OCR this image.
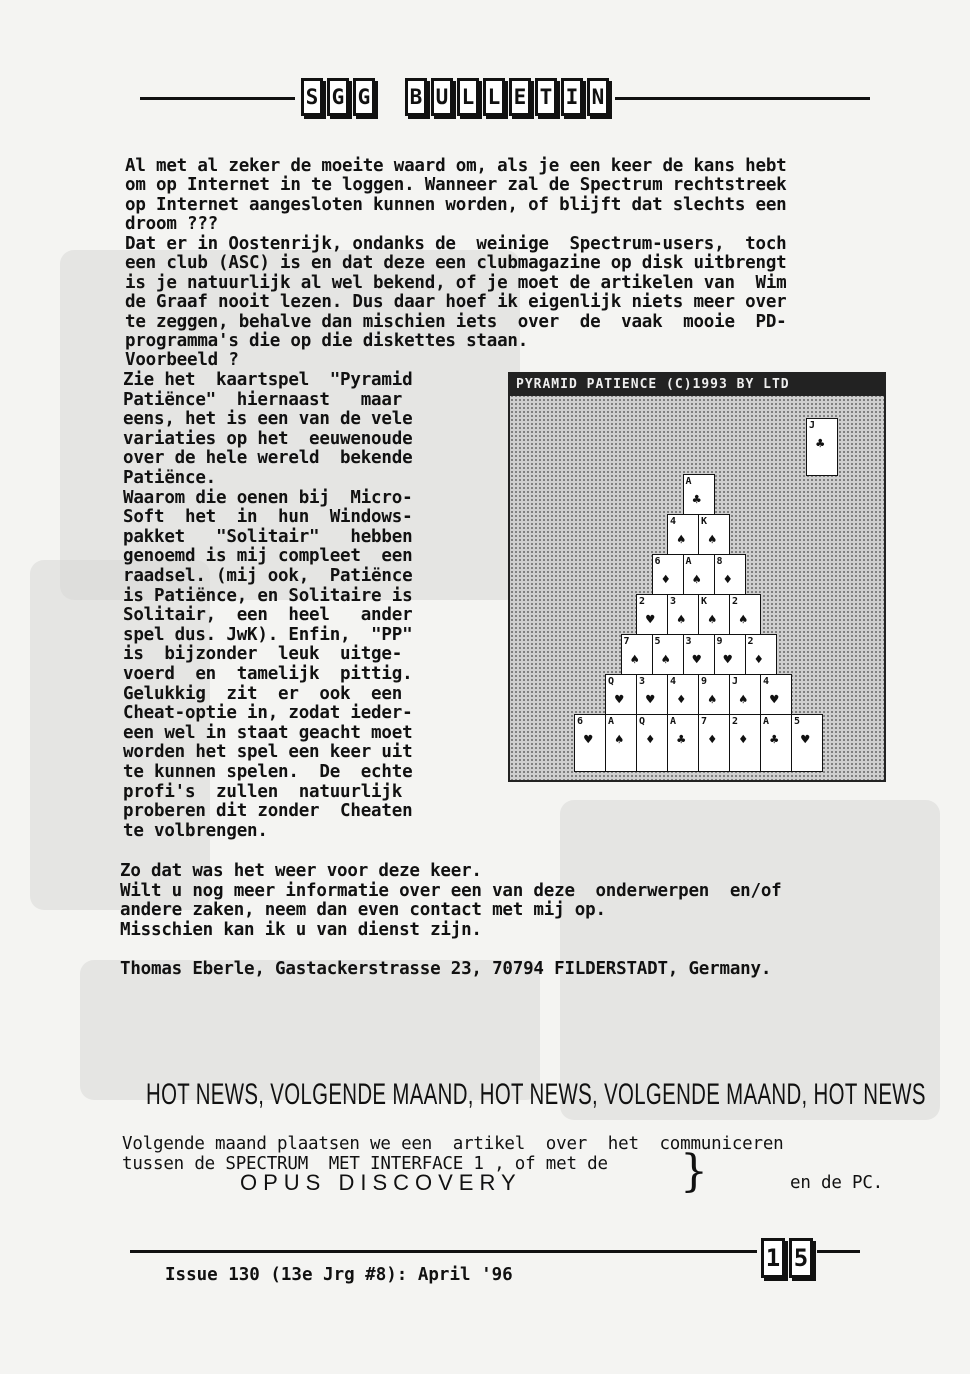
S G G B U L L E T I N
Al met al zeker de moeite waard om, als je een keer de kans hebt
om op Internet in te loggen. Wanneer zal de Spectrum rechtstreek
op Internet aangesloten kunnen worden, of blijft dat slechts een
droom ???
Dat er in Oostenrijk, ondanks de  weinige  Spectrum-users,  toch
een club (ASC) is en dat deze een clubmagazine op disk uitbrengt
is je natuurlijk al wel bekend, of je moet de artikelen van  Wim
de Graaf nooit lezen. Dus daar hoef ik eigenlijk niets meer over
te zeggen, behalve dan mischien iets  over  de  vaak  mooie  PD-
programma's die op die diskettes staan.
Voorbeeld ?
Zie het  kaartspel  "Pyramid
Patiënce"  hiernaast   maar
eens, het is een van de vele
variaties op het  eeuwenoude
over de hele wereld  bekende
Patiënce.
Waarom die oenen bij  Micro-
Soft  het  in  hun  Windows-
pakket   "Solitair"   hebben
genoemd is mij compleet  een
raadsel. (mij ook,  Patiënce
is Patiënce, en Solitaire is
Solitair,  een  heel   ander
spel dus. JwK). Enfin,  "PP"
is  bijzonder  leuk  uitge-
voerd  en  tamelijk  pittig.
Gelukkig  zit  er  ook  een
Cheat-optie in, zodat ieder-
een wel in staat geacht moet
worden het spel een keer uit
te kunnen spelen.  De  echte
profi's  zullen  natuurlijk
proberen dit zonder  Cheaten
te volbrengen.
PYRAMID PATIENCE (C)1993 BY LTD
J
♣
A
♣
4
♠
K
♠
6
♦
A
♠
8
♦
2
♥
3
♠
K
♠
2
♠
7
♠
5
♠
3
♥
9
♥
2
♦
Q
♥
3
♥
4
♦
9
♠
J
♠
4
♥
6
♥
A
♠
Q
♦
A
♣
7
♦
2
♦
A
♣
5
♥
Zo dat was het weer voor deze keer.
Wilt u nog meer informatie over een van deze  onderwerpen  en/of
andere zaken, neem dan even contact met mij op.
Misschien kan ik u van dienst zijn.
Thomas Eberle, Gastackerstrasse 23, 70794 FILDERSTADT, Germany.
HOT NEWS, VOLGENDE MAAND, HOT NEWS, VOLGENDE MAAND, HOT NEWS
Volgende maand plaatsen we een  artikel  over  het  communiceren
tussen de SPECTRUM  MET INTERFACE 1 , of met de
OPUS DISCOVERY	}	en de PC.
1 5
Issue 130 (13e Jrg #8): April '96
